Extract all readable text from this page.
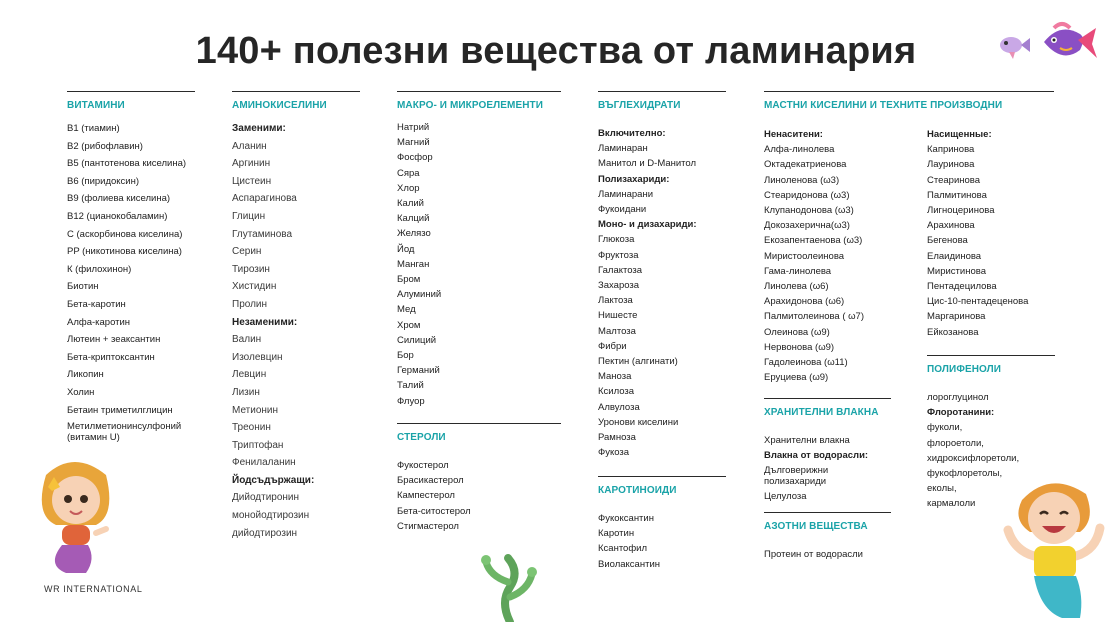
140+ полезни вещества от ламинария
ВИТАМИНИ
B1 (тиамин)
B2 (рибофлавин)
B5 (пантотенова киселина)
B6 (пиридоксин)
B9 (фолиева киселина)
B12 (цианокобаламин)
С (аскорбинова киселина)
PP (никотинова киселина)
К (филохинон)
Биотин
Бета-каротин
Алфа-каротин
Лютеин + зеаксантин
Бета-криптоксантин
Ликопин
Холин
Бетаин триметилглицин
Метилметионинсулфоний (витамин U)
АМИНОКИСЕЛИНИ
Заменими:
Аланин
Аргинин
Цистеин
Аспарагинова
Глицин
Глутаминова
Серин
Тирозин
Хистидин
Пролин
Незаменими:
Валин
Изолевцин
Левцин
Лизин
Метионин
Треонин
Триптофан
Фенилаланин
Йодсъдържащи:
Дийодтиронин
монойодтирозин
дийодтирозин
МАКРО- И МИКРОЕЛЕМЕНТИ
Натрий
Магний
Фосфор
Сяра
Хлор
Калий
Калций
Желязо
Йод
Манган
Бром
Алуминий
Мед
Хром
Силиций
Бор
Германий
Талий
Флуор
СТЕРОЛИ
Фукостерол
Брасикастерол
Кампестерол
Бета-ситостерол
Стигмастерол
ВЪГЛЕХИДРАТИ
Включително:
Ламинаран
Манитол и D-Манитол
Полизахариди:
Ламинарани
Фукоидани
Моно- и дизахариди:
Глюкоза
Фруктоза
Галактоза
Захароза
Лактоза
Нишесте
Малтоза
Фибри
Пектин (алгинати)
Маноза
Ксилоза
Алвулоза
Уронови киселини
Рамноза
Фукоза
КАРОТИНОИДИ
Фукоксантин
Каротин
Ксантофил
Виолаксантин
МАСТНИ КИСЕЛИНИ И ТЕХНИТЕ ПРОИЗВОДНИ
Ненаситени:
Алфа-линолева
Октадекатриенова
Линоленова (ω3)
Стеаридонова (ω3)
Клупанодонова (ω3)
Докозахерична(ω3)
Екозапентаенова (ω3)
Миристоолеинова
Гама-линолева
Линолева (ω6)
Арахидонова (ω6)
Палмитолеинова ( ω7)
Олеинова (ω9)
Нервонова (ω9)
Гадолеинова (ω11)
Еруциева (ω9)
Насищенные:
Капринова
Лауринова
Стеаринова
Палмитинова
Лигноцеринова
Арахинова
Бегенова
Елаидинова
Миристинова
Пентадецилова
Цис-10-пентадеценова
Маргаринова
Ейкозанова
ХРАНИТЕЛНИ ВЛАКНА
Хранителни влакна
Влакна от водорасли:
Дълговерижни полизахариди
Целулоза
АЗОТНИ ВЕЩЕСТВА
Протеин от водорасли
ПОЛИФЕНОЛИ
лороглуцинол
Флоротанини:
фуколи,
флороетоли,
хидроксифлоретоли,
фукофлоретолы,
еколы,
кармалоли
WR INTERNATIONAL
